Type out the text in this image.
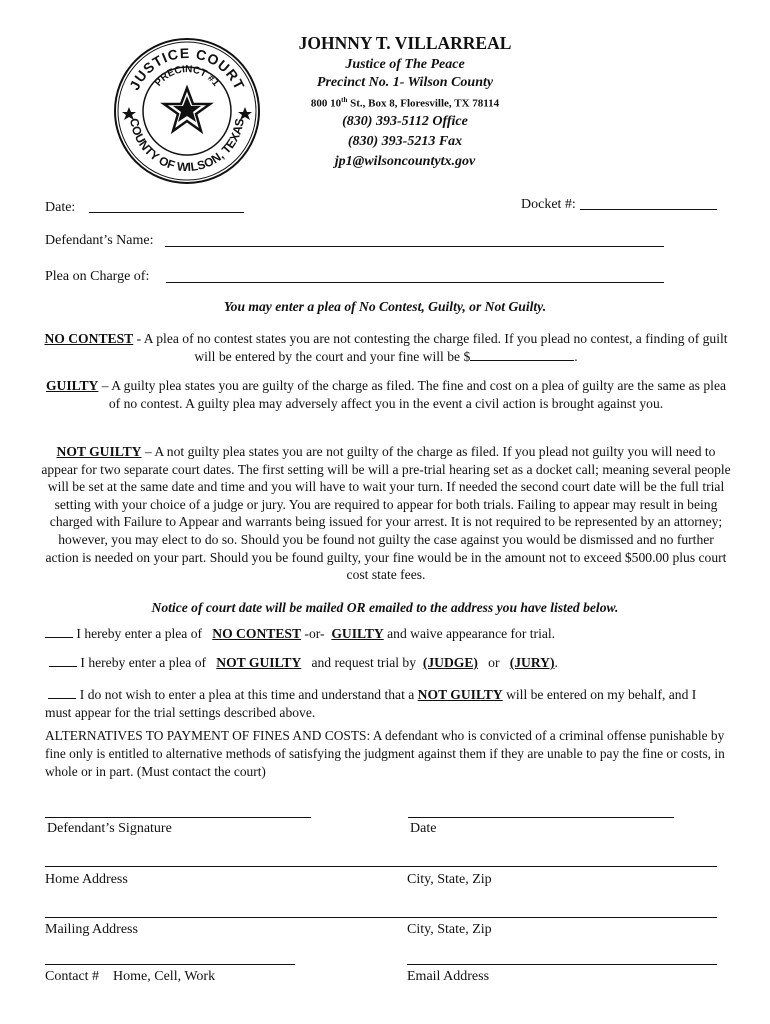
JUSTICE COURT
PRECINCT #1
COUNTY OF WILSON, TEXAS
JOHNNY T. VILLARREAL
Justice of The Peace
Precinct No. 1- Wilson County
800 10th St., Box 8, Floresville, TX 78114
(830) 393-5112 Office
(830) 393-5213 Fax
jp1@wilsoncountytx.gov
Date:	Docket #:
Defendant’s Name:
Plea on Charge of:
You may enter a plea of No Contest, Guilty, or Not Guilty.
NO CONTEST - A plea of no contest states you are not contesting the charge filed. If you plead no contest, a finding of guilt will be entered by the court and your fine will be $	.
GUILTY – A guilty plea states you are guilty of the charge as filed. The fine and cost on a plea of guilty are the same as plea of no contest. A guilty plea may adversely affect you in the event a civil action is brought against you.
NOT GUILTY – A not guilty plea states you are not guilty of the charge as filed. If you plead not guilty you will need to appear for two separate court dates. The first setting will be will a pre-trial hearing set as a docket call; meaning several people will be set at the same date and time and you will have to wait your turn. If needed the second court date will be the full trial setting with your choice of a judge or jury. You are required to appear for both trials. Failing to appear may result in being charged with Failure to Appear and warrants being issued for your arrest. It is not required to be represented by an attorney; however, you may elect to do so. Should you be found not guilty the case against you would be dismissed and no further action is needed on your part. Should you be found guilty, your fine would be in the amount not to exceed $500.00 plus court cost state fees.
Notice of court date will be mailed OR emailed to the address you have listed below.
I hereby enter a plea of   NO CONTEST -or-  GUILTY and waive appearance for trial.
I hereby enter a plea of   NOT GUILTY   and request trial by  (JUDGE)   or   (JURY).
I do not wish to enter a plea at this time and understand that a NOT GUILTY will be entered on my behalf, and I must appear for the trial settings described above.
ALTERNATIVES TO PAYMENT OF FINES AND COSTS: A defendant who is convicted of a criminal offense punishable by fine only is entitled to alternative methods of satisfying the judgment against them if they are unable to pay the fine or costs, in whole or in part. (Must contact the court)
Defendant’s Signature	Date
Home Address	City, State, Zip
Mailing Address	City, State, Zip
Contact #    Home, Cell, Work	Email Address
